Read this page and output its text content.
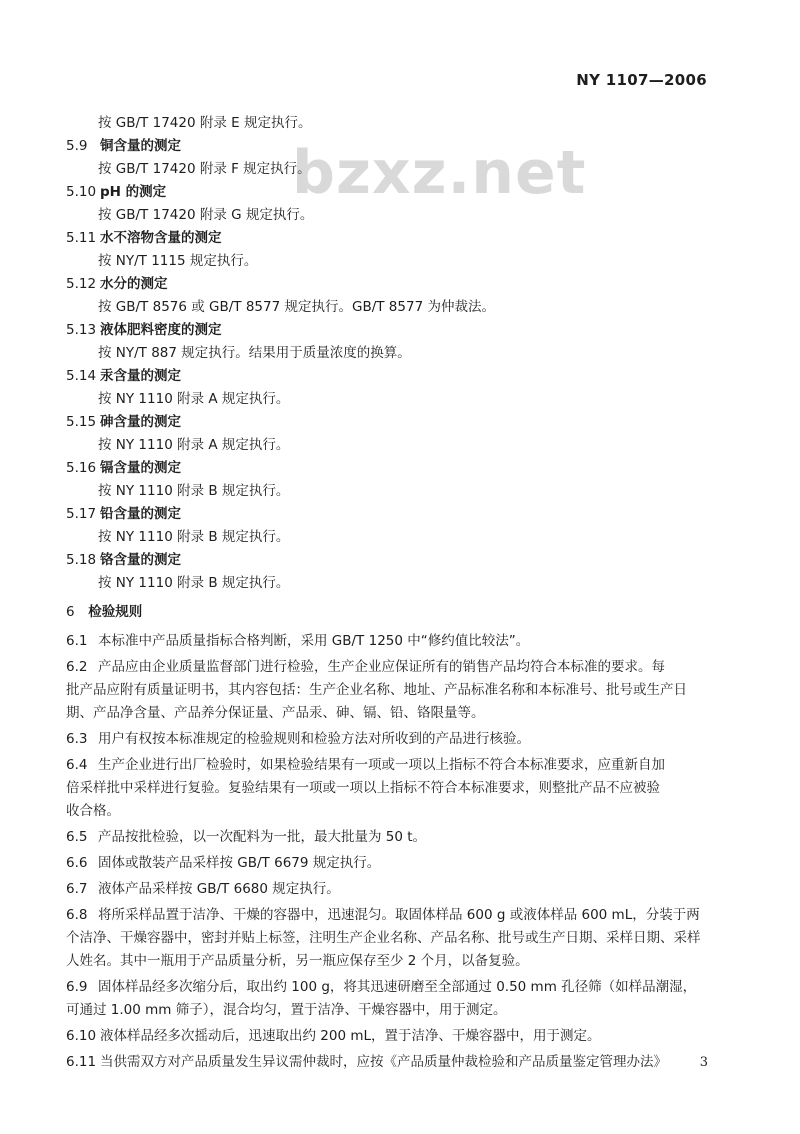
NY 1107—2006
bzxz.net
按 GB/T 17420 附录 E 规定执行。
5.9 铜含量的测定
按 GB/T 17420 附录 F 规定执行。
5.10 pH 的测定
按 GB/T 17420 附录 G 规定执行。
5.11 水不溶物含量的测定
按 NY/T 1115 规定执行。
5.12 水分的测定
按 GB/T 8576 或 GB/T 8577 规定执行。GB/T 8577 为仲裁法。
5.13 液体肥料密度的测定
按 NY/T 887 规定执行。结果用于质量浓度的换算。
5.14 汞含量的测定
按 NY 1110 附录 A 规定执行。
5.15 砷含量的测定
按 NY 1110 附录 A 规定执行。
5.16 镉含量的测定
按 NY 1110 附录 B 规定执行。
5.17 铅含量的测定
按 NY 1110 附录 B 规定执行。
5.18 铬含量的测定
按 NY 1110 附录 B 规定执行。
6 检验规则
6.1 本标准中产品质量指标合格判断，采用 GB/T 1250 中“修约值比较法”。
6.2 产品应由企业质量监督部门进行检验，生产企业应保证所有的销售产品均符合本标准的要求。每
批产品应附有质量证明书，其内容包括：生产企业名称、地址、产品标准名称和本标准号、批号或生产日
期、产品净含量、产品养分保证量、产品汞、砷、镉、铅、铬限量等。
6.3 用户有权按本标准规定的检验规则和检验方法对所收到的产品进行核验。
6.4 生产企业进行出厂检验时，如果检验结果有一项或一项以上指标不符合本标准要求，应重新自加
倍采样批中采样进行复验。复验结果有一项或一项以上指标不符合本标准要求，则整批产品不应被验
收合格。
6.5 产品按批检验，以一次配料为一批，最大批量为 50 t。
6.6 固体或散装产品采样按 GB/T 6679 规定执行。
6.7 液体产品采样按 GB/T 6680 规定执行。
6.8 将所采样品置于洁净、干燥的容器中，迅速混匀。取固体样品 600 g 或液体样品 600 mL，分装于两
个洁净、干燥容器中，密封并贴上标签，注明生产企业名称、产品名称、批号或生产日期、采样日期、采样
人姓名。其中一瓶用于产品质量分析，另一瓶应保存至少 2 个月，以备复验。
6.9 固体样品经多次缩分后，取出约 100 g，将其迅速研磨至全部通过 0.50 mm 孔径筛（如样品潮湿，
可通过 1.00 mm 筛子），混合均匀，置于洁净、干燥容器中，用于测定。
6.10 液体样品经多次摇动后，迅速取出约 200 mL，置于洁净、干燥容器中，用于测定。
6.11 当供需双方对产品质量发生异议需仲裁时，应按《产品质量仲裁检验和产品质量鉴定管理办法》	3
